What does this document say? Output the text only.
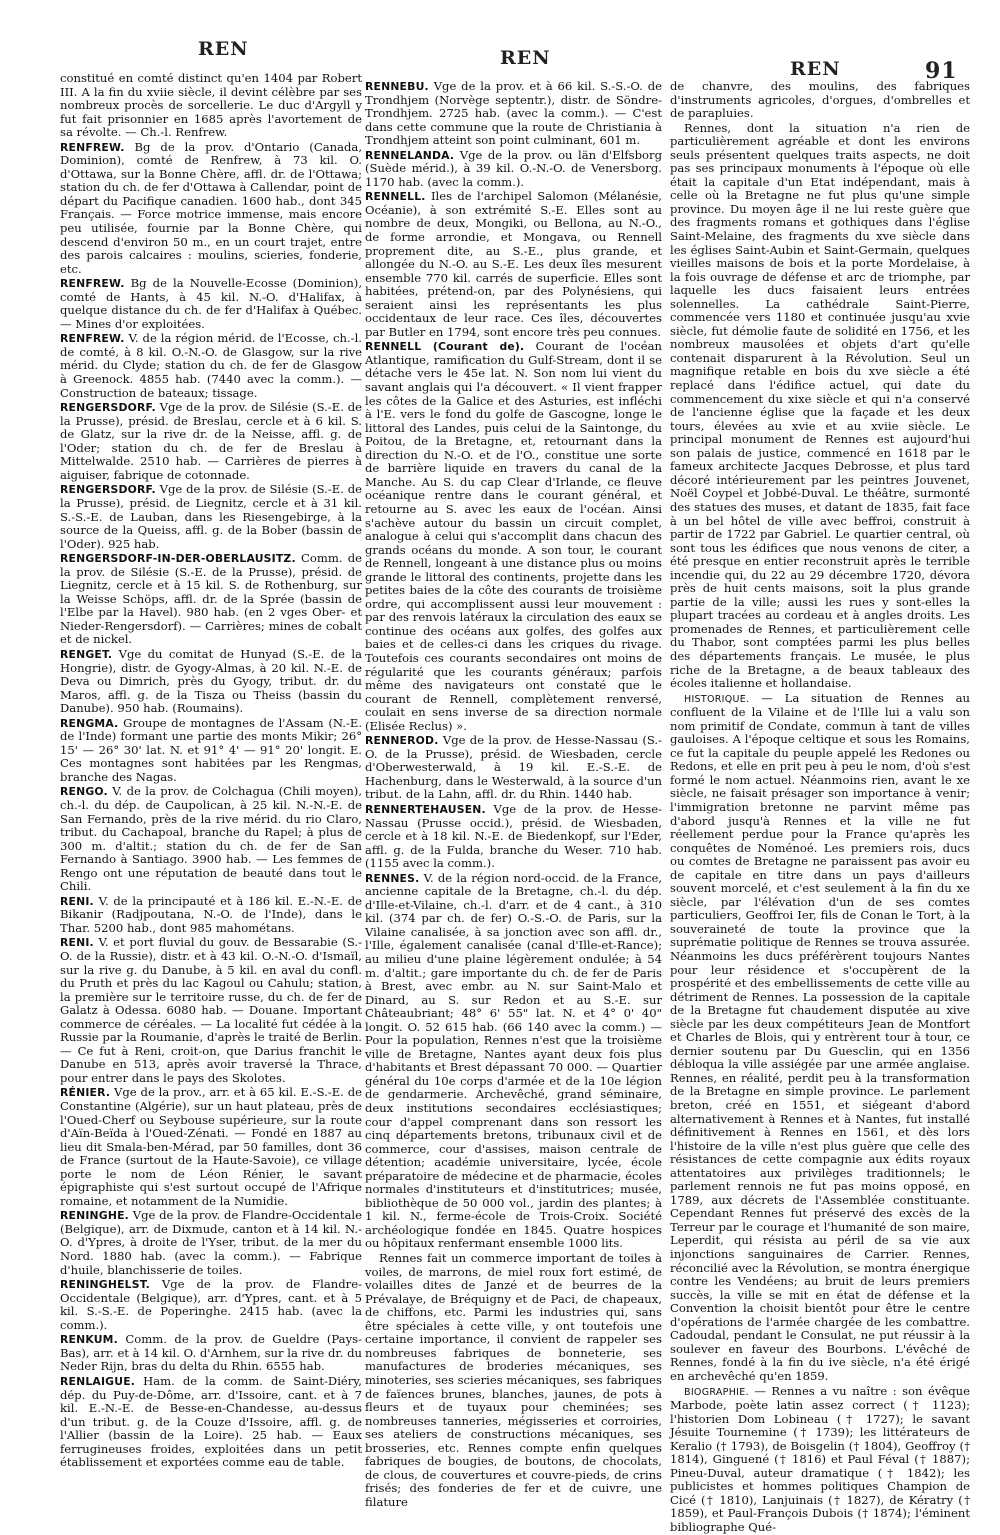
REN	REN	REN	91

constitué en comté distinct qu'en 1404 par Robert III. A la fin du xviie siècle, il devint célèbre par ses nombreux procès de sorcellerie. Le duc d'Argyll y fut fait prisonnier en 1685 après l'avortement de sa révolte. — Ch.-l. Renfrew.

RENFREW. Bg de la prov. d'Ontario (Canada, Dominion), comté de Renfrew, à 73 kil. O. d'Ottawa, sur la Bonne Chère, affl. dr. de l'Ottawa; station du ch. de fer d'Ottawa à Callendar, point de départ du Pacifique canadien. 1600 hab., dont 345 Français. — Force motrice immense, mais encore peu utilisée, fournie par la Bonne Chère, qui descend d'environ 50 m., en un court trajet, entre des parois calcaires : moulins, scieries, fonderie, etc.

RENFREW. Bg de la Nouvelle-Ecosse (Dominion), comté de Hants, à 45 kil. N.-O. d'Halifax, à quelque distance du ch. de fer d'Halifax à Québec. — Mines d'or exploitées.

RENFREW. V. de la région mérid. de l'Ecosse, ch.-l. de comté, à 8 kil. O.-N.-O. de Glasgow, sur la rive mérid. du Clyde; station du ch. de fer de Glasgow à Greenock. 4855 hab. (7440 avec la comm.). — Construction de bateaux; tissage.

RENGERSDORF. Vge de la prov. de Silésie (S.-E. de la Prusse), présid. de Breslau, cercle et à 6 kil. S. de Glatz, sur la rive dr. de la Neisse, affl. g. de l'Oder; station du ch. de fer de Breslau à Mittelwalde. 2510 hab. — Carrières de pierres à aiguiser, fabrique de cotonnade.

RENGERSDORF. Vge de la prov. de Silésie (S.-E. de la Prusse), présid. de Liegnitz, cercle et à 31 kil. S.-S.-E. de Lauban, dans les Riesengebirge, à la source de la Queiss, affl. g. de la Bober (bassin de l'Oder). 925 hab.

RENGERSDORF-IN-DER-OBERLAUSITZ. Comm. de la prov. de Silésie (S.-E. de la Prusse), présid. de Liegnitz, cercle et à 15 kil. S. de Rothenburg, sur la Weisse Schöps, affl. dr. de la Sprée (bassin de l'Elbe par la Havel). 980 hab. (en 2 vges Ober- et Nieder-Rengersdorf). — Carrières; mines de cobalt et de nickel.

RENGET. Vge du comitat de Hunyad (S.-E. de la Hongrie), distr. de Gyogy-Almas, à 20 kil. N.-E. de Deva ou Dimrich, près du Gyogy, tribut. dr. du Maros, affl. g. de la Tisza ou Theiss (bassin du Danube). 950 hab. (Roumains).

RENGMA. Groupe de montagnes de l'Assam (N.-E. de l'Inde) formant une partie des monts Mikir; 26° 15' — 26° 30' lat. N. et 91° 4' — 91° 20' longit. E. Ces montagnes sont habitées par les Rengmas, branche des Nagas.

RENGO. V. de la prov. de Colchagua (Chili moyen), ch.-l. du dép. de Caupolican, à 25 kil. N.-N.-E. de San Fernando, près de la rive mérid. du rio Claro, tribut. du Cachapoal, branche du Rapel; à plus de 300 m. d'altit.; station du ch. de fer de San Fernando à Santiago. 3900 hab. — Les femmes de Rengo ont une réputation de beauté dans tout le Chili.

RENI. V. de la principauté et à 186 kil. E.-N.-E. de Bikanir (Radjpoutana, N.-O. de l'Inde), dans le Thar. 5200 hab., dont 985 mahométans.

RENI. V. et port fluvial du gouv. de Bessarabie (S.-O. de la Russie), distr. et à 43 kil. O.-N.-O. d'Ismaïl, sur la rive g. du Danube, à 5 kil. en aval du confl. du Pruth et près du lac Kagoul ou Cahulu; station, la première sur le territoire russe, du ch. de fer de Galatz à Odessa. 6080 hab. — Douane. Important commerce de céréales. — La localité fut cédée à la Russie par la Roumanie, d'après le traité de Berlin. — Ce fut à Reni, croit-on, que Darius franchit le Danube en 513, après avoir traversé la Thrace, pour entrer dans le pays des Skolotes.

RÉNIER. Vge de la prov., arr. et à 65 kil. E.-S.-E. de Constantine (Algérie), sur un haut plateau, près de l'Oued-Cherf ou Seybouse supérieure, sur la route d'Aïn-Beïda à l'Oued-Zénati. — Fondé en 1887 au lieu dit Smala-ben-Mérad, par 50 familles, dont 36 de France (surtout de la Haute-Savoie), ce village porte le nom de Léon Rénier, le savant épigraphiste qui s'est surtout occupé de l'Afrique romaine, et notamment de la Numidie.

RENINGHE. Vge de la prov. de Flandre-Occidentale (Belgique), arr. de Dixmude, canton et à 14 kil. N.-O. d'Ypres, à droite de l'Yser, tribut. de la mer du Nord. 1880 hab. (avec la comm.). — Fabrique d'huile, blanchisserie de toiles.

RENINGHELST. Vge de la prov. de Flandre-Occidentale (Belgique), arr. d'Ypres, cant. et à 5 kil. S.-S.-E. de Poperinghe. 2415 hab. (avec la comm.).

RENKUM. Comm. de la prov. de Gueldre (Pays-Bas), arr. et à 14 kil. O. d'Arnhem, sur la rive dr. du Neder Rijn, bras du delta du Rhin. 6555 hab.

RENLAIGUE. Ham. de la comm. de Saint-Diéry, dép. du Puy-de-Dôme, arr. d'Issoire, cant. et à 7 kil. E.-N.-E. de Besse-en-Chandesse, au-dessus d'un tribut. g. de la Couze d'Issoire, affl. g. de l'Allier (bassin de la Loire). 25 hab. — Eaux ferrugineuses froides, exploitées dans un petit établissement et exportées comme eau de table.

RENNEBU. Vge de la prov. et à 66 kil. S.-S.-O. de Trondhjem (Norvège septentr.), distr. de Söndre-Trondhjem. 2725 hab. (avec la comm.). — C'est dans cette commune que la route de Christiania à Trondhjem atteint son point culminant, 601 m.

RENNELANDA. Vge de la prov. ou län d'Elfsborg (Suède mérid.), à 39 kil. O.-N.-O. de Venersborg. 1170 hab. (avec la comm.).

RENNELL. Iles de l'archipel Salomon (Mélanésie, Océanie), à son extrémité S.-E. Elles sont au nombre de deux, Mongiki, ou Bellona, au N.-O., de forme arrondie, et Mongava, ou Rennell proprement dite, au S.-E., plus grande, et allongée du N.-O. au S.-E. Les deux îles mesurent ensemble 770 kil. carrés de superficie. Elles sont habitées, prétend-on, par des Polynésiens, qui seraient ainsi les représentants les plus occidentaux de leur race. Ces îles, découvertes par Butler en 1794, sont encore très peu connues.

RENNELL (Courant de). Courant de l'océan Atlantique, ramification du Gulf-Stream, dont il se détache vers le 45e lat. N. Son nom lui vient du savant anglais qui l'a découvert. « Il vient frapper les côtes de la Galice et des Asturies, est infléchi à l'E. vers le fond du golfe de Gascogne, longe le littoral des Landes, puis celui de la Saintonge, du Poitou, de la Bretagne, et, retournant dans la direction du N.-O. et de l'O., constitue une sorte de barrière liquide en travers du canal de la Manche. Au S. du cap Clear d'Irlande, ce fleuve océanique rentre dans le courant général, et retourne au S. avec les eaux de l'océan. Ainsi s'achève autour du bassin un circuit complet, analogue à celui qui s'accomplit dans chacun des grands océans du monde. A son tour, le courant de Rennell, longeant à une distance plus ou moins grande le littoral des continents, projette dans les petites baies de la côte des courants de troisième ordre, qui accomplissent aussi leur mouvement : par des renvois latéraux la circulation des eaux se continue des océans aux golfes, des golfes aux baies et de celles-ci dans les criques du rivage. Toutefois ces courants secondaires ont moins de régularité que les courants généraux; parfois même des navigateurs ont constaté que le courant de Rennell, complètement renversé, coulait en sens inverse de sa direction normale (Elisée Reclus) ».

RENNEROD. Vge de la prov. de Hesse-Nassau (S.-O. de la Prusse), présid. de Wiesbaden, cercle d'Oberwesterwald, à 19 kil. E.-S.-E. de Hachenburg, dans le Westerwald, à la source d'un tribut. de la Lahn, affl. dr. du Rhin. 1440 hab.

RENNERTEHAUSEN. Vge de la prov. de Hesse-Nassau (Prusse occid.), présid. de Wiesbaden, cercle et à 18 kil. N.-E. de Biedenkopf, sur l'Eder, affl. g. de la Fulda, branche du Weser. 710 hab. (1155 avec la comm.).

RENNES. V. de la région nord-occid. de la France, ancienne capitale de la Bretagne, ch.-l. du dép. d'Ille-et-Vilaine, ch.-l. d'arr. et de 4 cant., à 310 kil. (374 par ch. de fer) O.-S.-O. de Paris, sur la Vilaine canalisée, à sa jonction avec son affl. dr., l'Ille, également canalisée (canal d'Ille-et-Rance); au milieu d'une plaine légèrement ondulée; à 54 m. d'altit.; gare importante du ch. de fer de Paris à Brest, avec embr. au N. sur Saint-Malo et Dinard, au S. sur Redon et au S.-E. sur Châteaubriant; 48° 6' 55" lat. N. et 4° 0' 40" longit. O. 52 615 hab. (66 140 avec la comm.) — Pour la population, Rennes n'est que la troisième ville de Bretagne, Nantes ayant deux fois plus d'habitants et Brest dépassant 70 000. — Quartier général du 10e corps d'armée et de la 10e légion de gendarmerie. Archevêché, grand séminaire, deux institutions secondaires ecclésiastiques; cour d'appel comprenant dans son ressort les cinq départements bretons, tribunaux civil et de commerce, cour d'assises, maison centrale de détention; académie universitaire, lycée, école préparatoire de médecine et de pharmacie, écoles normales d'instituteurs et d'institutrices; musée, bibliothèque de 50 000 vol., jardin des plantes; à 1 kil. N., ferme-école de Trois-Croix. Société archéologique fondée en 1845. Quatre hospices ou hôpitaux renfermant ensemble 1000 lits.

Rennes fait un commerce important de toiles à voiles, de marrons, de miel roux fort estimé, de volailles dites de Janzé et de beurres de la Prévalaye, de Bréquigny et de Paci, de chapeaux, de chiffons, etc. Parmi les industries qui, sans être spéciales à cette ville, y ont toutefois une certaine importance, il convient de rappeler ses nombreuses fabriques de bonneterie, ses manufactures de broderies mécaniques, ses minoteries, ses scieries mécaniques, ses fabriques de faïences brunes, blanches, jaunes, de pots à fleurs et de tuyaux pour cheminées; ses nombreuses tanneries, mégisseries et corroiries, ses ateliers de constructions mécaniques, ses brosseries, etc. Rennes compte enfin quelques fabriques de bougies, de boutons, de chocolats, de clous, de couvertures et couvre-pieds, de crins frisés; des fonderies de fer et de cuivre, une filature

de chanvre, des moulins, des fabriques d'instruments agricoles, d'orgues, d'ombrelles et de parapluies.

Rennes, dont la situation n'a rien de particulièrement agréable et dont les environs seuls présentent quelques traits aspects, ne doit pas ses principaux monuments à l'époque où elle était la capitale d'un Etat indépendant, mais à celle où la Bretagne ne fut plus qu'une simple province. Du moyen âge il ne lui reste guère que des fragments romans et gothiques dans l'église Saint-Melaine, des fragments du xve siècle dans les églises Saint-Aubin et Saint-Germain, quelques vieilles maisons de bois et la porte Mordelaise, à la fois ouvrage de défense et arc de triomphe, par laquelle les ducs faisaient leurs entrées solennelles. La cathédrale Saint-Pierre, commencée vers 1180 et continuée jusqu'au xvie siècle, fut démolie faute de solidité en 1756, et les nombreux mausolées et objets d'art qu'elle contenait disparurent à la Révolution. Seul un magnifique retable en bois du xve siècle a été replacé dans l'édifice actuel, qui date du commencement du xixe siècle et qui n'a conservé de l'ancienne église que la façade et les deux tours, élevées au xvie et au xviie siècle. Le principal monument de Rennes est aujourd'hui son palais de justice, commencé en 1618 par le fameux architecte Jacques Debrosse, et plus tard décoré intérieurement par les peintres Jouvenet, Noël Coypel et Jobbé-Duval. Le théâtre, surmonté des statues des muses, et datant de 1835, fait face à un bel hôtel de ville avec beffroi, construit à partir de 1722 par Gabriel. Le quartier central, où sont tous les édifices que nous venons de citer, a été presque en entier reconstruit après le terrible incendie qui, du 22 au 29 décembre 1720, dévora près de huit cents maisons, soit la plus grande partie de la ville; aussi les rues y sont-elles la plupart tracées au cordeau et à angles droits. Les promenades de Rennes, et particulièrement celle du Thabor, sont comptées parmi les plus belles des départements français. Le musée, le plus riche de la Bretagne, a de beaux tableaux des écoles italienne et hollandaise.

HISTORIQUE. — La situation de Rennes au confluent de la Vilaine et de l'Ille lui a valu son nom primitif de Condate, commun à tant de villes gauloises. A l'époque celtique et sous les Romains, ce fut la capitale du peuple appelé les Redones ou Redons, et elle en prit peu à peu le nom, d'où s'est formé le nom actuel. Néanmoins rien, avant le xe siècle, ne faisait présager son importance à venir; l'immigration bretonne ne parvint même pas d'abord jusqu'à Rennes et la ville ne fut réellement perdue pour la France qu'après les conquêtes de Noménoé. Les premiers rois, ducs ou comtes de Bretagne ne paraissent pas avoir eu de capitale en titre dans un pays d'ailleurs souvent morcelé, et c'est seulement à la fin du xe siècle, par l'élévation d'un de ses comtes particuliers, Geoffroi Ier, fils de Conan le Tort, à la souveraineté de toute la province que la suprématie politique de Rennes se trouva assurée. Néanmoins les ducs préférèrent toujours Nantes pour leur résidence et s'occupèrent de la prospérité et des embellissements de cette ville au détriment de Rennes. La possession de la capitale de la Bretagne fut chaudement disputée au xive siècle par les deux compétiteurs Jean de Montfort et Charles de Blois, qui y entrèrent tour à tour, ce dernier soutenu par Du Guesclin, qui en 1356 débloqua la ville assiégée par une armée anglaise. Rennes, en réalité, perdit peu à la transformation de la Bretagne en simple province. Le parlement breton, créé en 1551, et siégeant d'abord alternativement à Rennes et à Nantes, fut installé définitivement à Rennes en 1561, et dès lors l'histoire de la ville n'est plus guère que celle des résistances de cette compagnie aux édits royaux attentatoires aux privilèges traditionnels; le parlement rennois ne fut pas moins opposé, en 1789, aux décrets de l'Assemblée constituante. Cependant Rennes fut préservé des excès de la Terreur par le courage et l'humanité de son maire, Leperdit, qui résista au péril de sa vie aux injonctions sanguinaires de Carrier. Rennes, réconcilié avec la Révolution, se montra énergique contre les Vendéens; au bruit de leurs premiers succès, la ville se mit en état de défense et la Convention la choisit bientôt pour être le centre d'opérations de l'armée chargée de les combattre. Cadoudal, pendant le Consulat, ne put réussir à la soulever en faveur des Bourbons. L'évêché de Rennes, fondé à la fin du ive siècle, n'a été érigé en archevêché qu'en 1859.

BIOGRAPHIE. — Rennes a vu naître : son évêque Marbode, poète latin assez correct († 1123); l'historien Dom Lobineau († 1727); le savant Jésuite Tournemine († 1739); les littérateurs de Keralio († 1793), de Boisgelin († 1804), Geoffroy († 1814), Ginguené († 1816) et Paul Féval († 1887); Pineu-Duval, auteur dramatique († 1842); les publicistes et hommes politiques Champion de Cicé († 1810), Lanjuinais († 1827), de Kératry († 1859), et Paul-François Dubois († 1874); l'éminent bibliographe Qué-
